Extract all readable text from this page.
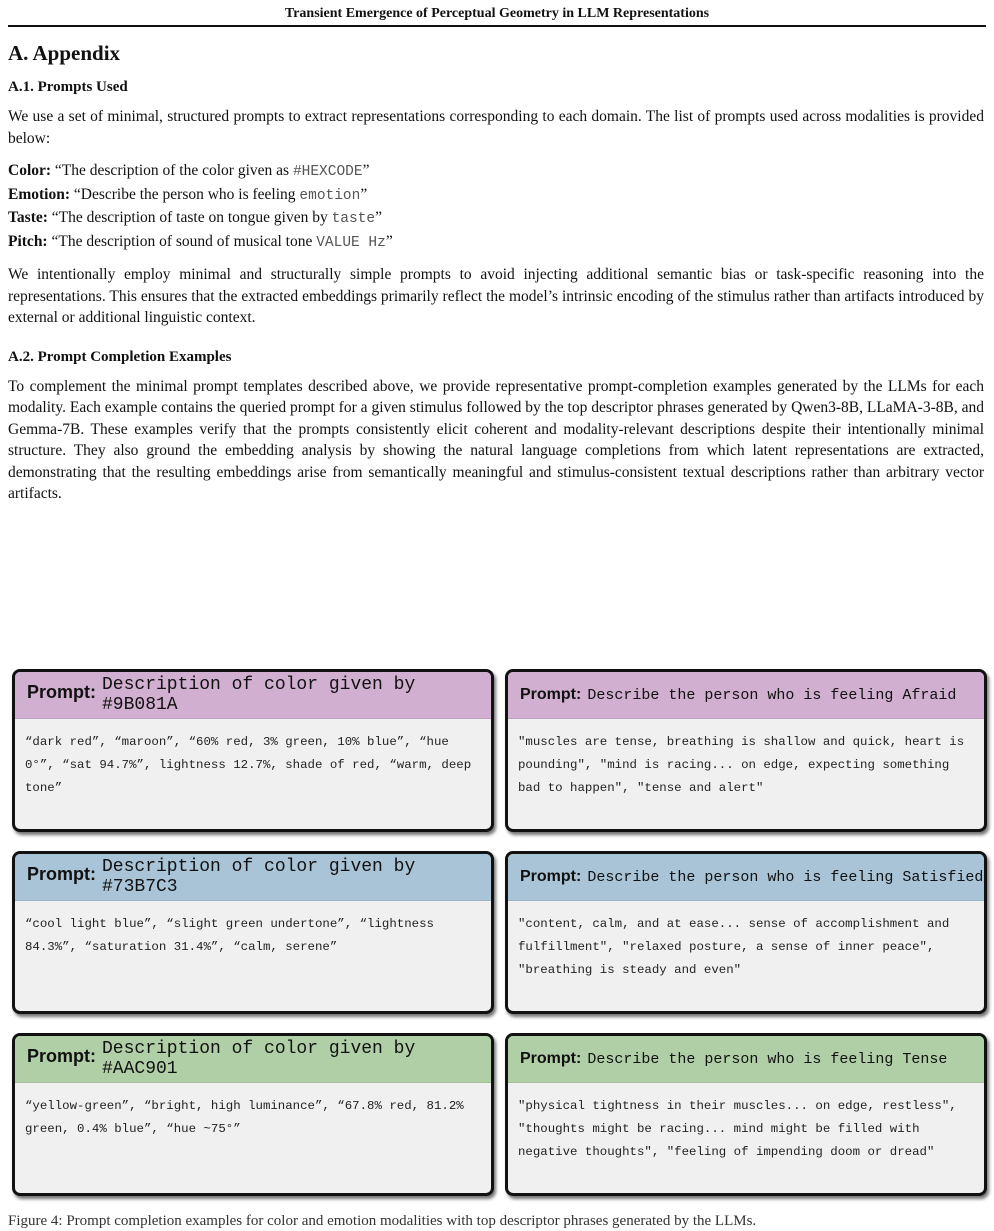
Transient Emergence of Perceptual Geometry in LLM Representations
A. Appendix
A.1. Prompts Used

We use a set of minimal, structured prompts to extract representations corresponding to each domain. The list of prompts used across modalities is provided below:

Color: “The description of the color given as #HEXCODE”
Emotion: “Describe the person who is feeling emotion”
Taste: “The description of taste on tongue given by taste”
Pitch: “The description of sound of musical tone VALUE Hz”

We intentionally employ minimal and structurally simple prompts to avoid injecting additional semantic bias or task-specific reasoning into the representations. This ensures that the extracted embeddings primarily reflect the model’s intrinsic encoding of the stimulus rather than artifacts introduced by external or additional linguistic context.

A.2. Prompt Completion Examples

To complement the minimal prompt templates described above, we provide representative prompt-completion examples generated by the LLMs for each modality. Each example contains the queried prompt for a given stimulus followed by the top descriptor phrases generated by Qwen3-8B, LLaMA-3-8B, and Gemma-7B. These examples verify that the prompts consistently elicit coherent and modality-relevant descriptions despite their intentionally minimal structure. They also ground the embedding analysis by showing the natural language completions from which latent representations are extracted, demonstrating that the resulting embeddings arise from semantically meaningful and stimulus-consistent textual descriptions rather than arbitrary vector artifacts.

Prompt: Description of color given by #9B081A
“dark red”, “maroon”, “60% red, 3% green, 10% blue”, “hue 0°”, “sat 94.7%”, lightness 12.7%, shade of red, “warm, deep tone”
Prompt: Describe the person who is feeling Afraid
"muscles are tense, breathing is shallow and quick, heart is pounding", "mind is racing... on edge, expecting something bad to happen", "tense and alert"
Prompt: Description of color given by #73B7C3
“cool light blue”, “slight green undertone”, “lightness 84.3%”, “saturation 31.4%”, “calm, serene”
Prompt: Describe the person who is feeling Satisfied
"content, calm, and at ease... sense of accomplishment and fulfillment", "relaxed posture, a sense of inner peace", "breathing is steady and even"
Prompt: Description of color given by #AAC901
“yellow-green”, “bright, high luminance”, “67.8% red, 81.2% green, 0.4% blue”, “hue ~75°”
Prompt: Describe the person who is feeling Tense
"physical tightness in their muscles... on edge, restless", "thoughts might be racing... mind might be filled with negative thoughts", "feeling of impending doom or dread"
Figure 4: Prompt completion examples for color and emotion modalities with top descriptor phrases generated by the LLMs.
